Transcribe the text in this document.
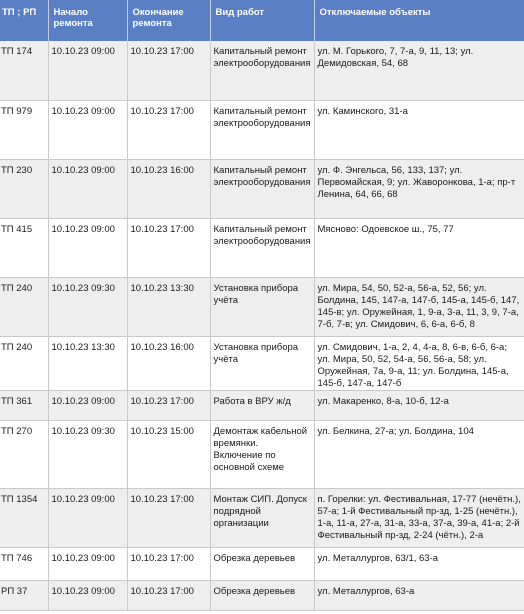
ТП ; РП	Начало ремонта	Окончание ремонта	Вид работ	Отключаемые объекты
ТП 174	10.10.23 09:00	10.10.23 17:00	Капитальный ремонт электрооборудования	ул. М. Горького, 7, 7-а, 9, 11, 13; ул.
Демидовская, 54, 68

ТП 979	10.10.23 09:00	10.10.23 17:00	Капитальный ремонт электрооборудования	ул. Каминского, 31-а

ТП 230	10.10.23 09:00	10.10.23 16:00	Капитальный ремонт электрооборудования	ул. Ф. Энгельса, 56, 133, 137; ул.
Первомайская, 9; ул. Жаворонкова, 1-а; пр-т
Ленина, 64, 66, 68

ТП 415	10.10.23 09:00	10.10.23 17:00	Капитальный ремонт электрооборудования	Мясново: Одоевское ш., 75, 77

ТП 240	10.10.23 09:30	10.10.23 13:30	Установка прибора учёта	ул. Мира, 54, 50, 52-а, 56-а, 52, 56; ул.
Болдина, 145, 147-а, 147-б, 145-а, 145-б, 147,
145-в; ул. Оружейная, 1, 9-а, 3-а, 11, 3, 9, 7-а,
7-б, 7-в; ул. Смидович, 6, 6-а, 6-б, 8

ТП 240	10.10.23 13:30	10.10.23 16:00	Установка прибора учёта	ул. Смидович, 1-а, 2, 4, 4-а, 8, 6-в, 6-б, 6-а;
ул. Мира, 50, 52, 54-а, 56, 56-а, 58; ул.
Оружейная, 7а, 9-а, 11; ул. Болдина, 145-а,
145-б, 147-а, 147-б

ТП 361	10.10.23 09:00	10.10.23 17:00	Работа в ВРУ ж/д	ул. Макаренко, 8-а, 10-б, 12-а

ТП 270	10.10.23 09:30	10.10.23 15:00	Демонтаж кабельной времянки. Включение по основной схеме	ул. Белкина, 27-а; ул. Болдина, 104

ТП 1354	10.10.23 09:00	10.10.23 17:00	Монтаж СИП. Допуск подрядной организации	п. Горелки: ул. Фестивальная, 17-77 (нечётн.),
57-а; 1-й Фестивальный пр-зд, 1-25 (нечётн.),
1-а, 11-а, 27-а, 31-а, 33-а, 37-а, 39-а, 41-а; 2-й
Фестивальный пр-зд, 2-24 (чётн.), 2-а

ТП 746	10.10.23 09:00	10.10.23 17:00	Обрезка деревьев	ул. Металлургов, 63/1, 63-а

РП 37	10.10.23 09:00	10.10.23 17:00	Обрезка деревьев	ул. Металлургов, 63-а
